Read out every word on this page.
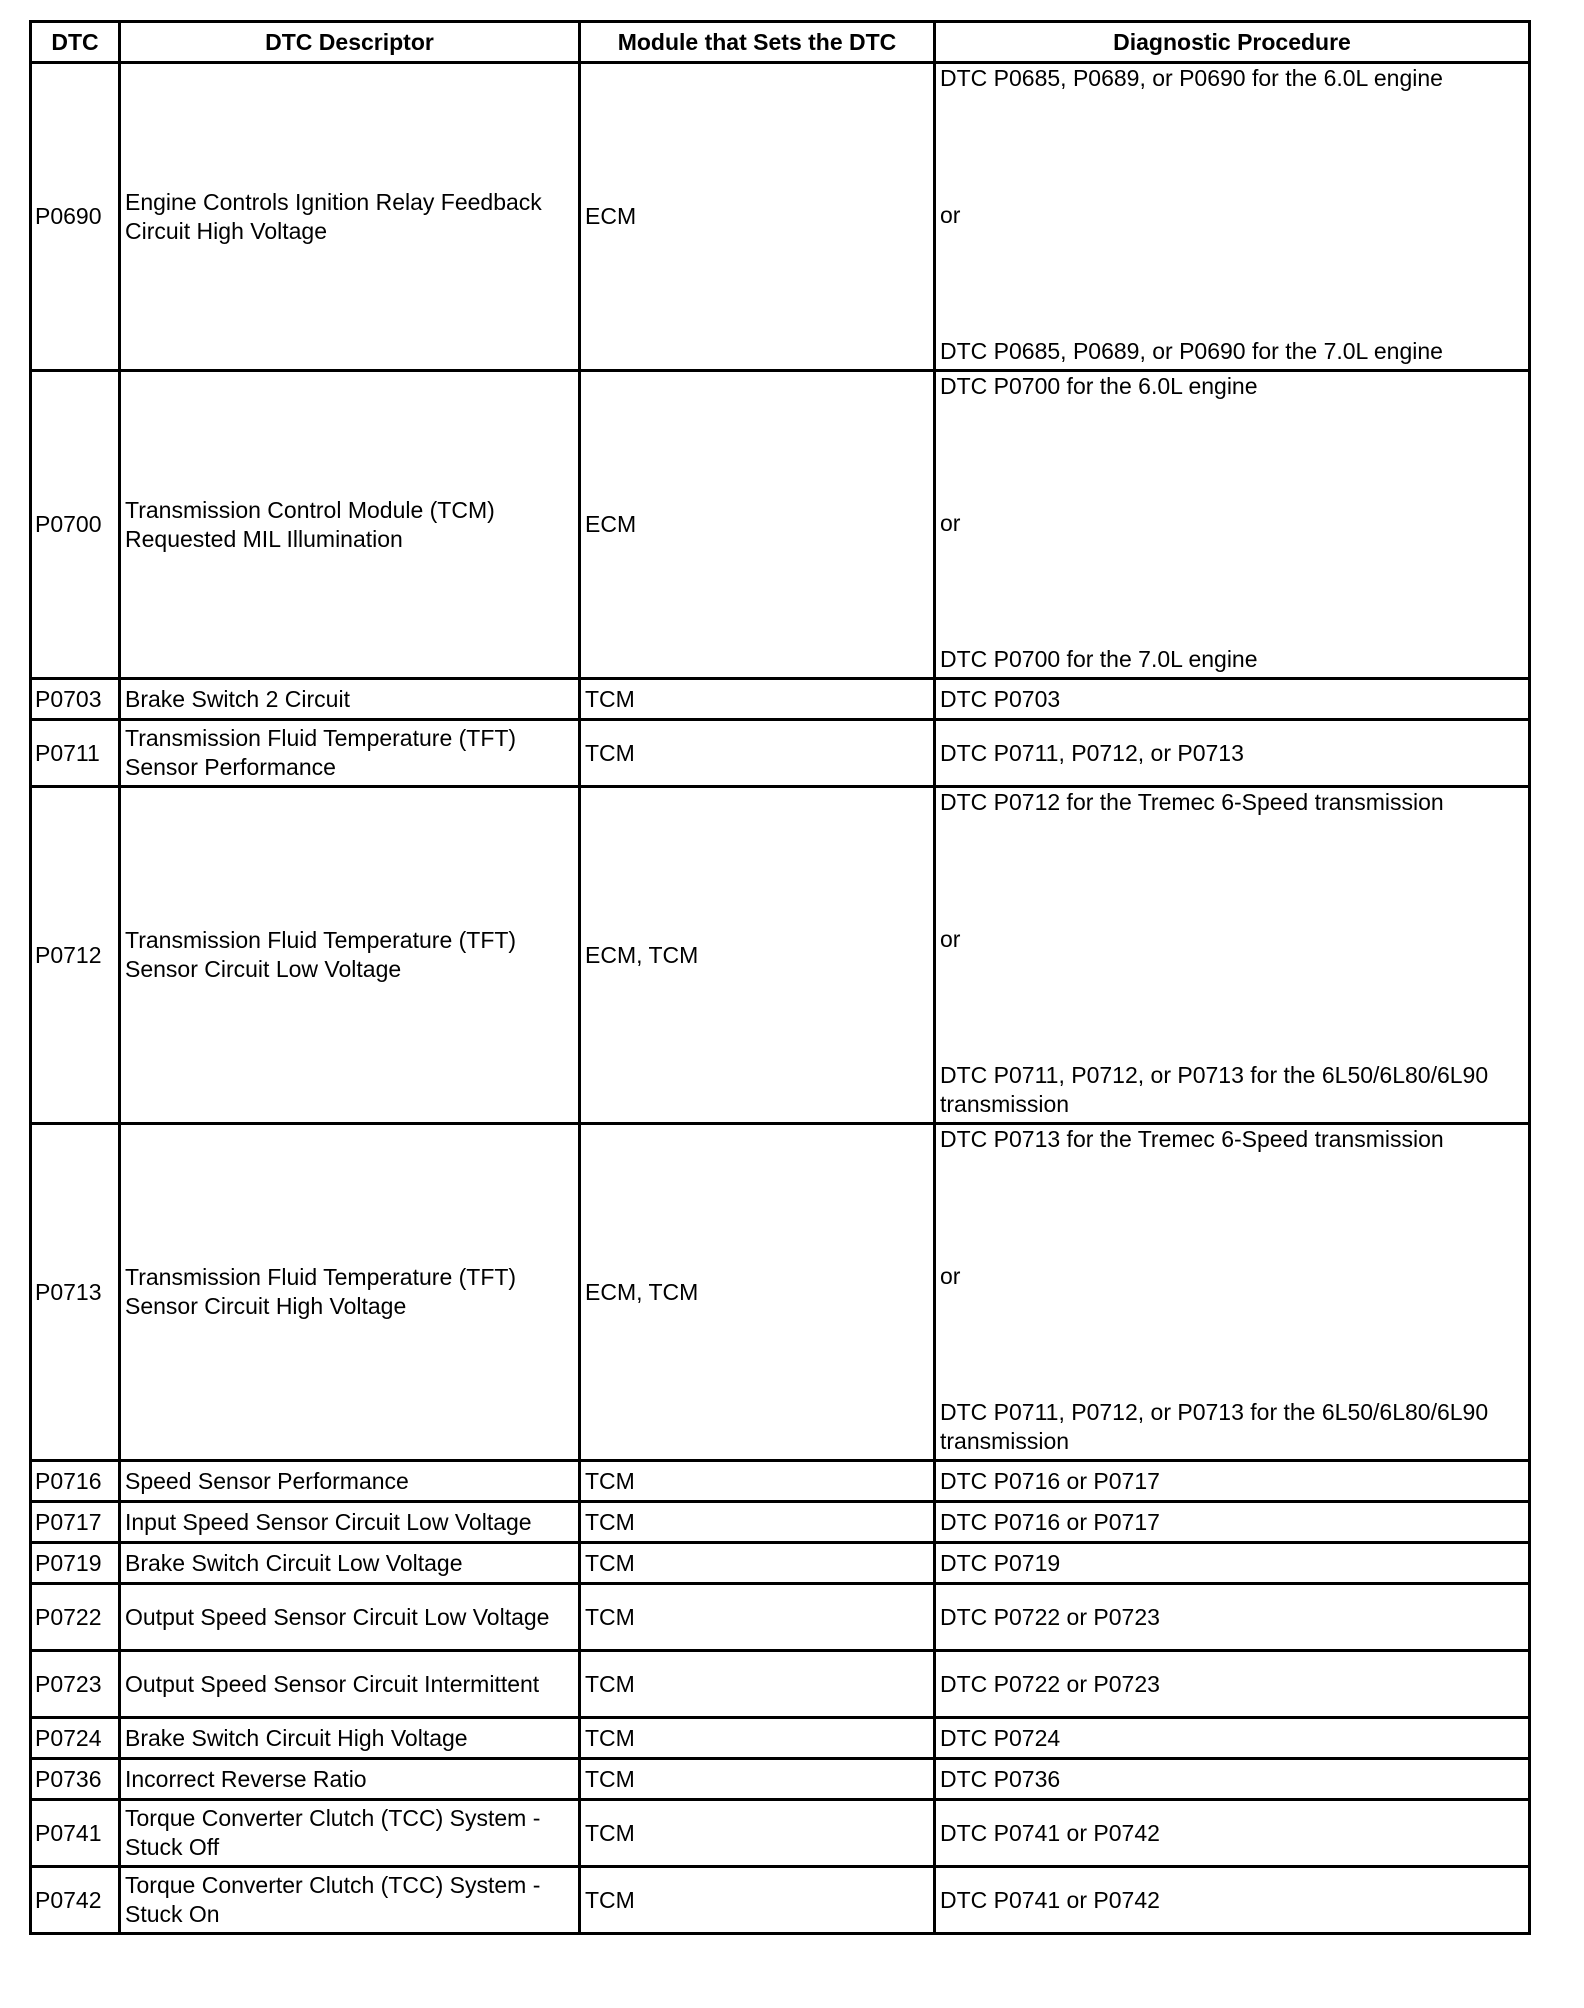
DTC	DTC Descriptor	Module that Sets the DTC	Diagnostic Procedure
P0690	Engine Controls Ignition Relay Feedback Circuit High Voltage	ECM	DTC P0685, P0689, or P0690 for the 6.0L engine
or
DTC P0685, P0689, or P0690 for the 7.0L engine

P0700	Transmission Control Module (TCM) Requested MIL Illumination	ECM	DTC P0700 for the 6.0L engine
or
DTC P0700 for the 7.0L engine

P0703	Brake Switch 2 Circuit	TCM	DTC P0703

P0711	Transmission Fluid Temperature (TFT) Sensor Performance	TCM	DTC P0711, P0712, or P0713

P0712	Transmission Fluid Temperature (TFT) Sensor Circuit Low Voltage	ECM, TCM	DTC P0712 for the Tremec 6-Speed transmission
or
DTC P0711, P0712, or P0713 for the 6L50/6L80/6L90 transmission

P0713	Transmission Fluid Temperature (TFT) Sensor Circuit High Voltage	ECM, TCM	DTC P0713 for the Tremec 6-Speed transmission
or
DTC P0711, P0712, or P0713 for the 6L50/6L80/6L90 transmission

P0716	Speed Sensor Performance	TCM	DTC P0716 or P0717

P0717	Input Speed Sensor Circuit Low Voltage	TCM	DTC P0716 or P0717

P0719	Brake Switch Circuit Low Voltage	TCM	DTC P0719

P0722	Output Speed Sensor Circuit Low Voltage	TCM	DTC P0722 or P0723

P0723	Output Speed Sensor Circuit Intermittent	TCM	DTC P0722 or P0723

P0724	Brake Switch Circuit High Voltage	TCM	DTC P0724

P0736	Incorrect Reverse Ratio	TCM	DTC P0736

P0741	Torque Converter Clutch (TCC) System - Stuck Off	TCM	DTC P0741 or P0742

P0742	Torque Converter Clutch (TCC) System - Stuck On	TCM	DTC P0741 or P0742
